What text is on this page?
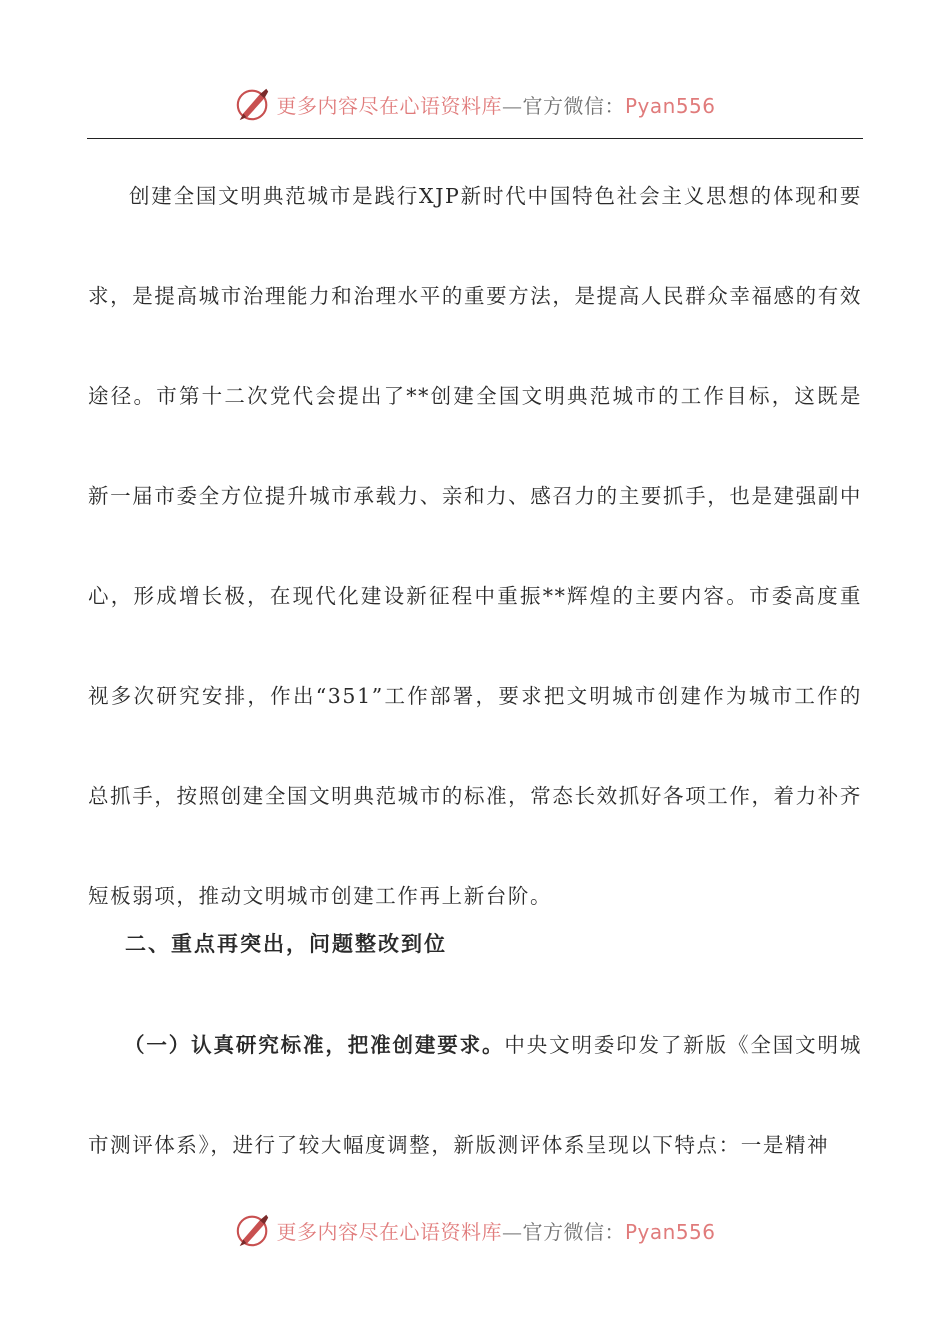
更多内容尽在心语资料库—官方微信：Pyan556

创建全国文明典范城市是践行XJP新时代中国特色社会主义思想的体现和要求，是提高城市治理能力和治理水平的重要方法，是提高人民群众幸福感的有效途径。市第十二次党代会提出了**创建全国文明典范城市的工作目标，这既是新一届市委全方位提升城市承载力、亲和力、感召力的主要抓手，也是建强副中心，形成增长极，在现代化建设新征程中重振**辉煌的主要内容。市委高度重视多次研究安排，作出“351”工作部署，要求把文明城市创建作为城市工作的总抓手，按照创建全国文明典范城市的标准，常态长效抓好各项工作，着力补齐短板弱项，推动文明城市创建工作再上新台阶。

二、重点再突出，问题整改到位

（一）认真研究标准，把准创建要求。中央文明委印发了新版《全国文明城市测评体系》，进行了较大幅度调整，新版测评体系呈现以下特点：一是精神

更多内容尽在心语资料库—官方微信：Pyan556
